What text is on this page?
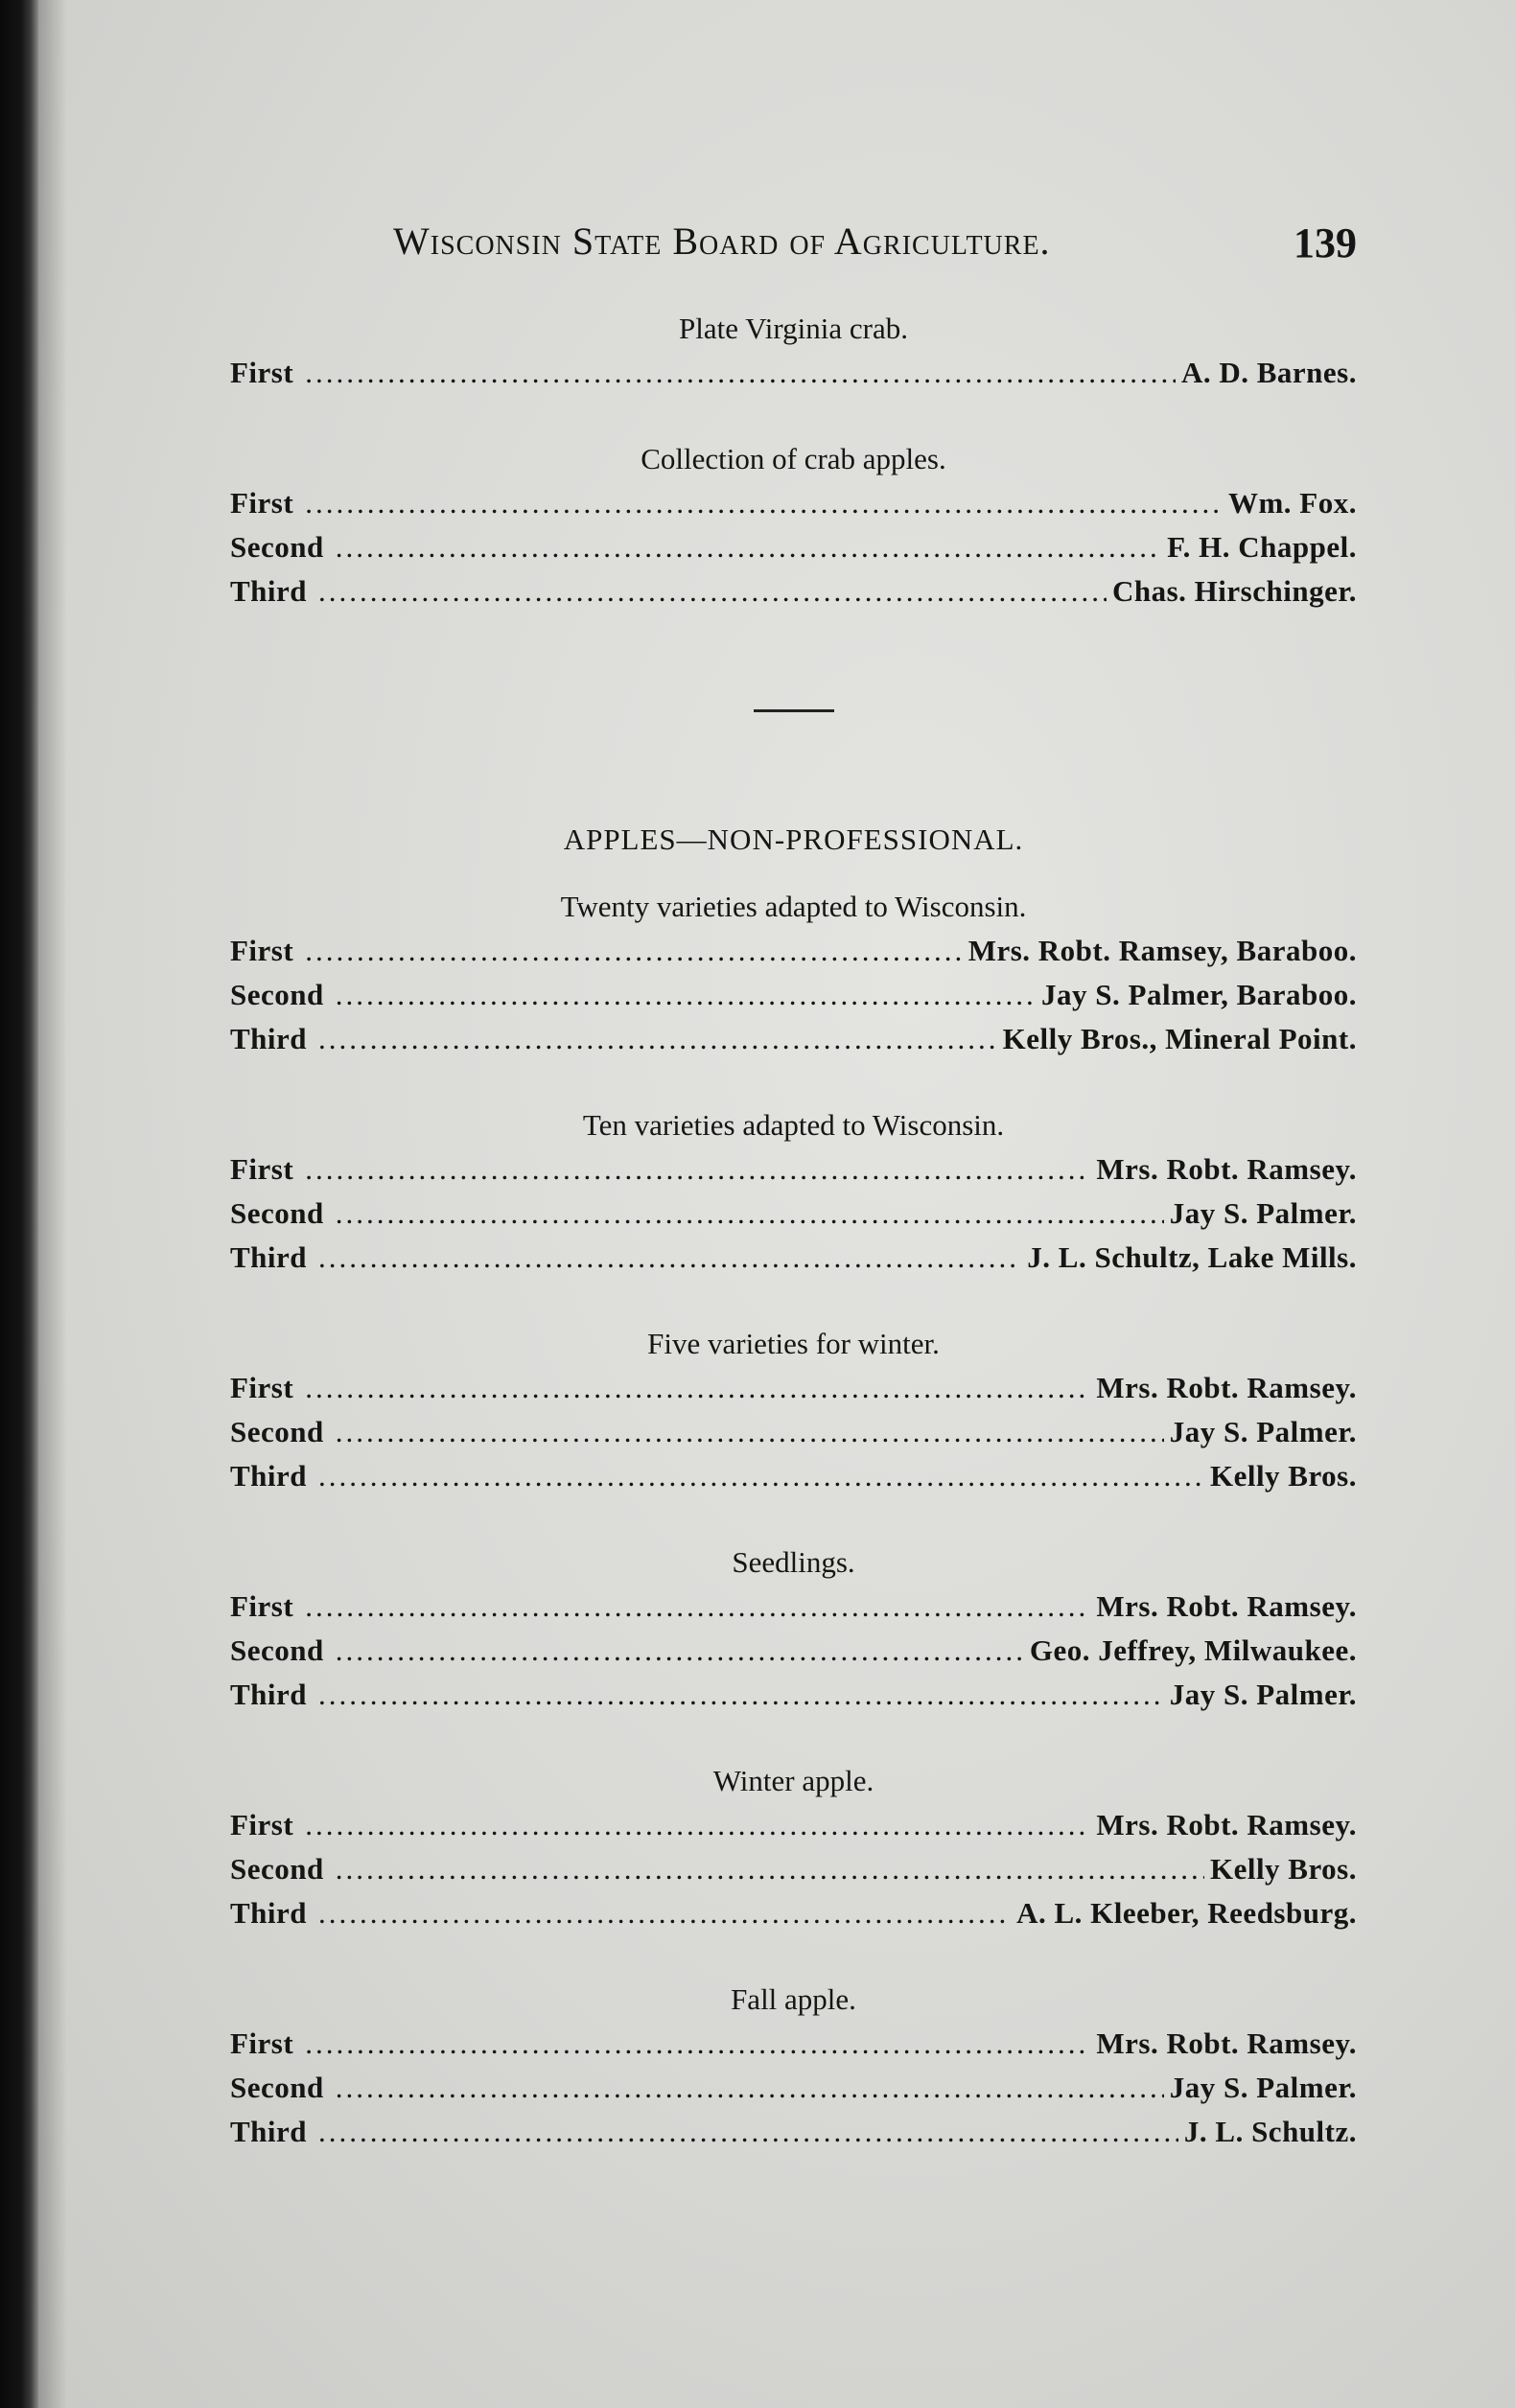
Wisconsin State Board of Agriculture.	139
Plate Virginia crab.
First .....	A. D. Barnes.
Collection of crab apples.
First .....	Wm. Fox.
Second .....	F. H. Chappel.
Third .....	Chas. Hirschinger.
APPLES—NON-PROFESSIONAL.
Twenty varieties adapted to Wisconsin.
First .....	Mrs. Robt. Ramsey, Baraboo.
Second .....	Jay S. Palmer, Baraboo.
Third .....	Kelly Bros., Mineral Point.
Ten varieties adapted to Wisconsin.
First .....	Mrs. Robt. Ramsey.
Second .....	Jay S. Palmer.
Third .....	J. L. Schultz, Lake Mills.
Five varieties for winter.
First .....	Mrs. Robt. Ramsey.
Second .....	Jay S. Palmer.
Third .....	Kelly Bros.
Seedlings.
First .....	Mrs. Robt. Ramsey.
Second .....	Geo. Jeffrey, Milwaukee.
Third .....	Jay S. Palmer.
Winter apple.
First .....	Mrs. Robt. Ramsey.
Second .....	Kelly Bros.
Third .....	A. L. Kleeber, Reedsburg.
Fall apple.
First .....	Mrs. Robt. Ramsey.
Second .....	Jay S. Palmer.
Third .....	J. L. Schultz.
